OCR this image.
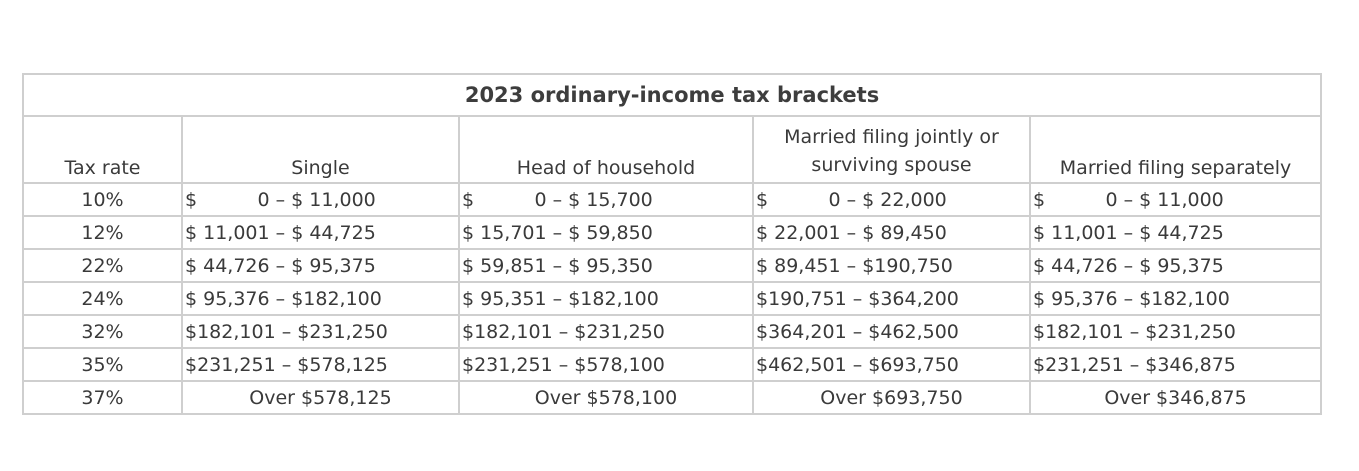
2023 ordinary-income tax brackets				
Tax rate	Single	Head of household	Married filing jointly or surviving spouse	Married filing separately
10%	$          0 – $ 11,000	$          0 – $ 15,700	$          0 – $ 22,000	$          0 – $ 11,000
12%	$ 11,001 – $ 44,725	$ 15,701 – $ 59,850	$ 22,001 – $ 89,450	$ 11,001 – $ 44,725
22%	$ 44,726 – $ 95,375	$ 59,851 – $ 95,350	$ 89,451 – $190,750	$ 44,726 – $ 95,375
24%	$ 95,376 – $182,100	$ 95,351 – $182,100	$190,751 – $364,200	$ 95,376 – $182,100
32%	$182,101 – $231,250	$182,101 – $231,250	$364,201 – $462,500	$182,101 – $231,250
35%	$231,251 – $578,125	$231,251 – $578,100	$462,501 – $693,750	$231,251 – $346,875
37%	Over $578,125	Over $578,100	Over $693,750	Over $346,875
